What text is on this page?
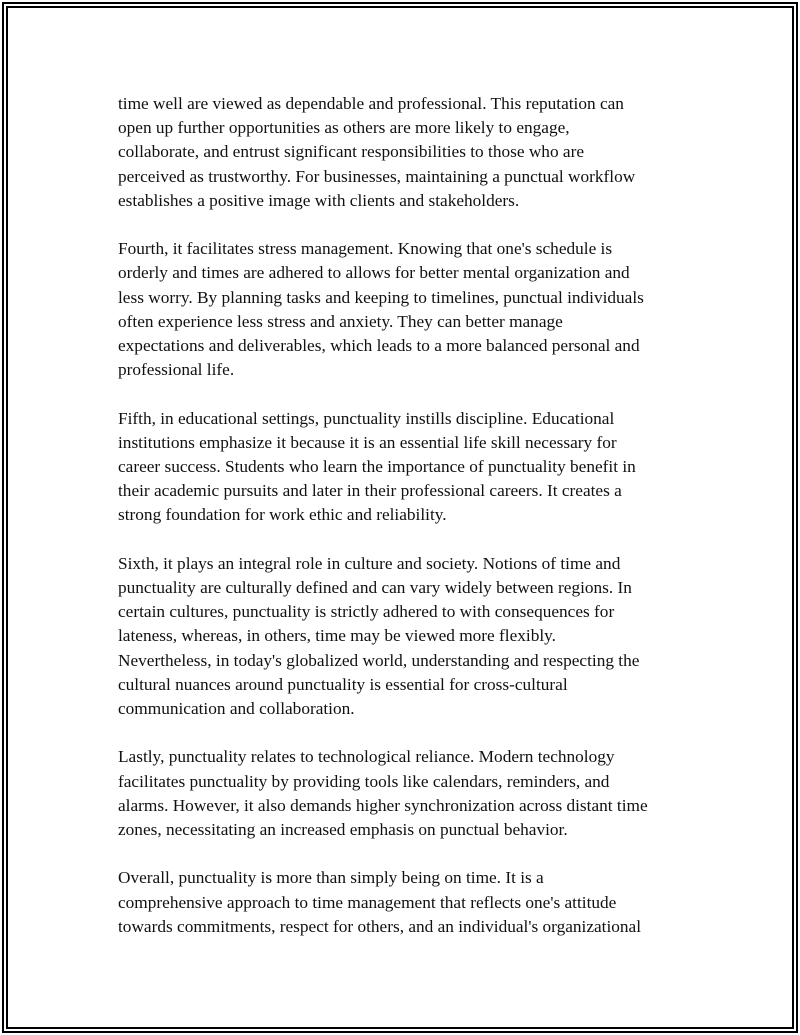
time well are viewed as dependable and professional. This reputation can
open up further opportunities as others are more likely to engage,
collaborate, and entrust significant responsibilities to those who are
perceived as trustworthy. For businesses, maintaining a punctual workflow
establishes a positive image with clients and stakeholders.

Fourth, it facilitates stress management. Knowing that one's schedule is
orderly and times are adhered to allows for better mental organization and
less worry. By planning tasks and keeping to timelines, punctual individuals
often experience less stress and anxiety. They can better manage
expectations and deliverables, which leads to a more balanced personal and
professional life.

Fifth, in educational settings, punctuality instills discipline. Educational
institutions emphasize it because it is an essential life skill necessary for
career success. Students who learn the importance of punctuality benefit in
their academic pursuits and later in their professional careers. It creates a
strong foundation for work ethic and reliability.

Sixth, it plays an integral role in culture and society. Notions of time and
punctuality are culturally defined and can vary widely between regions. In
certain cultures, punctuality is strictly adhered to with consequences for
lateness, whereas, in others, time may be viewed more flexibly.
Nevertheless, in today's globalized world, understanding and respecting the
cultural nuances around punctuality is essential for cross-cultural
communication and collaboration.

Lastly, punctuality relates to technological reliance. Modern technology
facilitates punctuality by providing tools like calendars, reminders, and
alarms. However, it also demands higher synchronization across distant time
zones, necessitating an increased emphasis on punctual behavior.

Overall, punctuality is more than simply being on time. It is a
comprehensive approach to time management that reflects one's attitude
towards commitments, respect for others, and an individual's organizational
